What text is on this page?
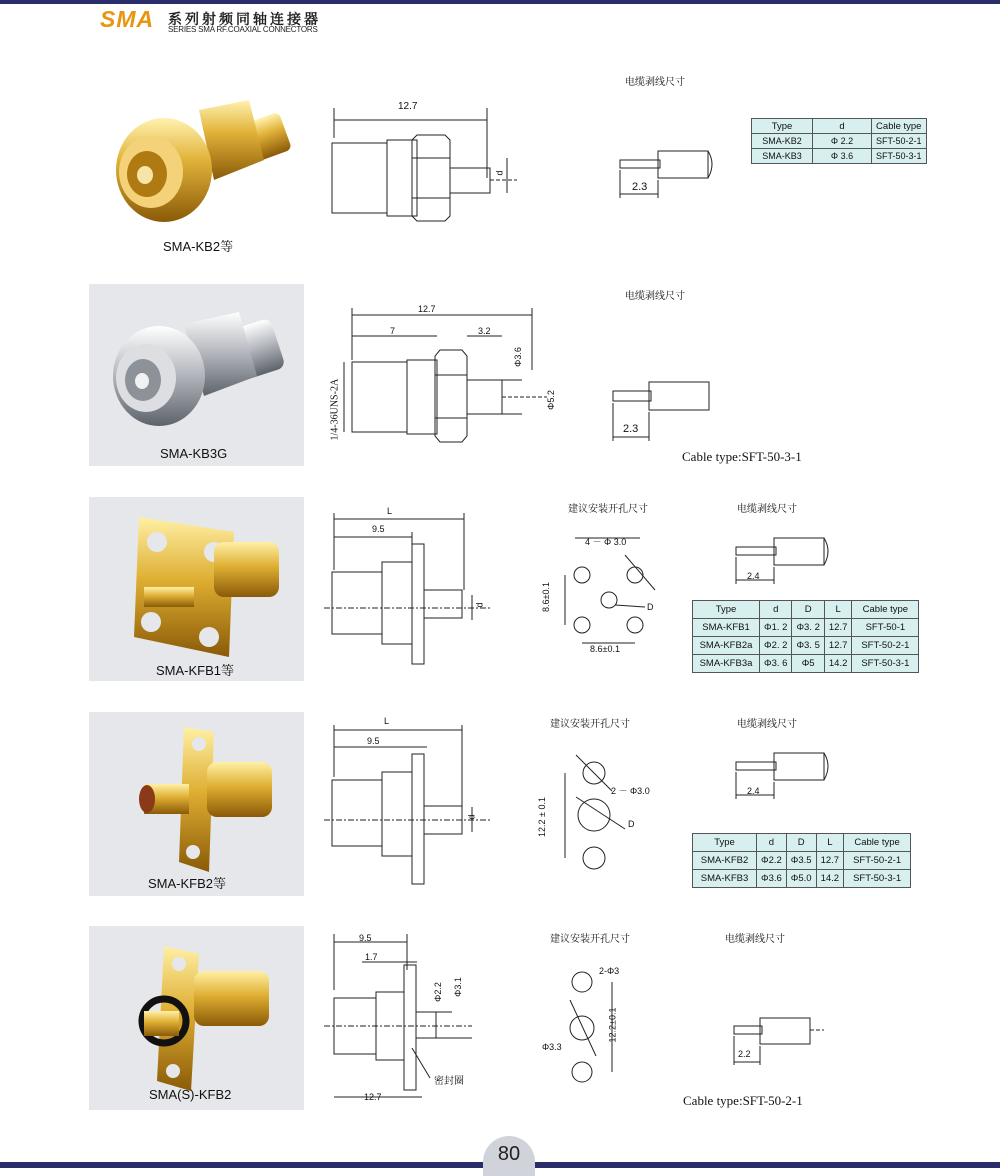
SMA 系列射频同轴连接器
SERIES SMA RF.COAXIAL CONNECTORS
SMA-KB2等
12.7
d
电缆剥线尺寸
2.3
Type	d	Cable type
SMA-KB2	Φ 2.2	SFT-50-2-1
SMA-KB3	Φ 3.6	SFT-50-3-1
SMA-KB3G
12.7
7	3.2
1/4-36UNS-2A
Φ3.6
Φ5.2
电缆剥线尺寸
2.3
Cable type:SFT-50-3-1
SMA-KFB1等
L
9.5
d
建议安装开孔尺寸
4 － Φ 3.0
8.6±0.1
8.6±0.1
D
电缆剥线尺寸
2.4
Type	d	D	L	Cable type
SMA-KFB1	Φ1. 2	Φ3. 2	12.7	SFT-50-1
SMA-KFB2a	Φ2. 2	Φ3. 5	12.7	SFT-50-2-1
SMA-KFB3a	Φ3. 6	Φ5	14.2	SFT-50-3-1
SMA-KFB2等
L
9.5
d
建议安装开孔尺寸
2 － Φ3.0
12.2 ± 0.1	D
电缆剥线尺寸
2.4
Type	d	D	L	Cable type
SMA-KFB2	Φ2.2	Φ3.5	12.7	SFT-50-2-1
SMA-KFB3	Φ3.6	Φ5.0	14.2	SFT-50-3-1
SMA(S)-KFB2
9.5
1.7
Φ2.2 Φ3.1
密封圈
12.7
建议安装开孔尺寸
2-Φ3
Φ3.3
12.2±0.1
电缆剥线尺寸
2.2
Cable type:SFT-50-2-1
80
